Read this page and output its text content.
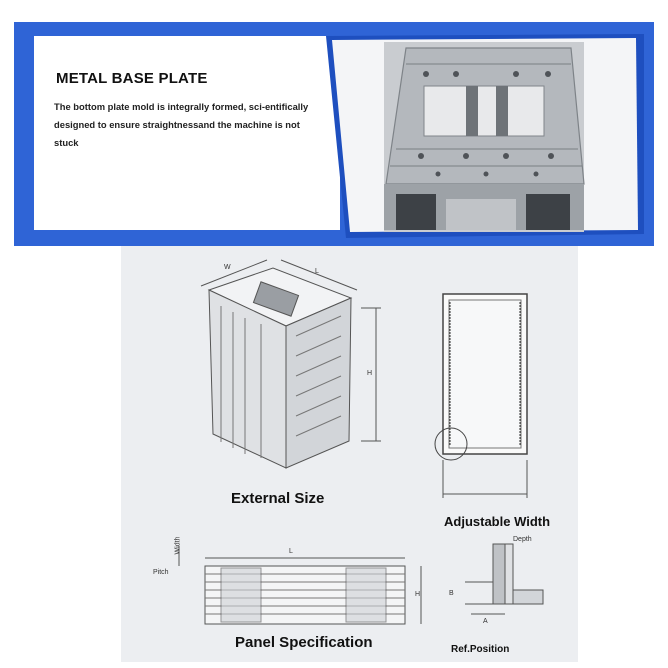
METAL BASE PLATE
The bottom plate mold is integrally formed, sci-entifically designed to ensure straightnessand the machine is not stuck
W
L
H
External Size
Adjustable Width
Width	L
Pitch
H
Panel Specification
Depth
B
A
Ref.Position
